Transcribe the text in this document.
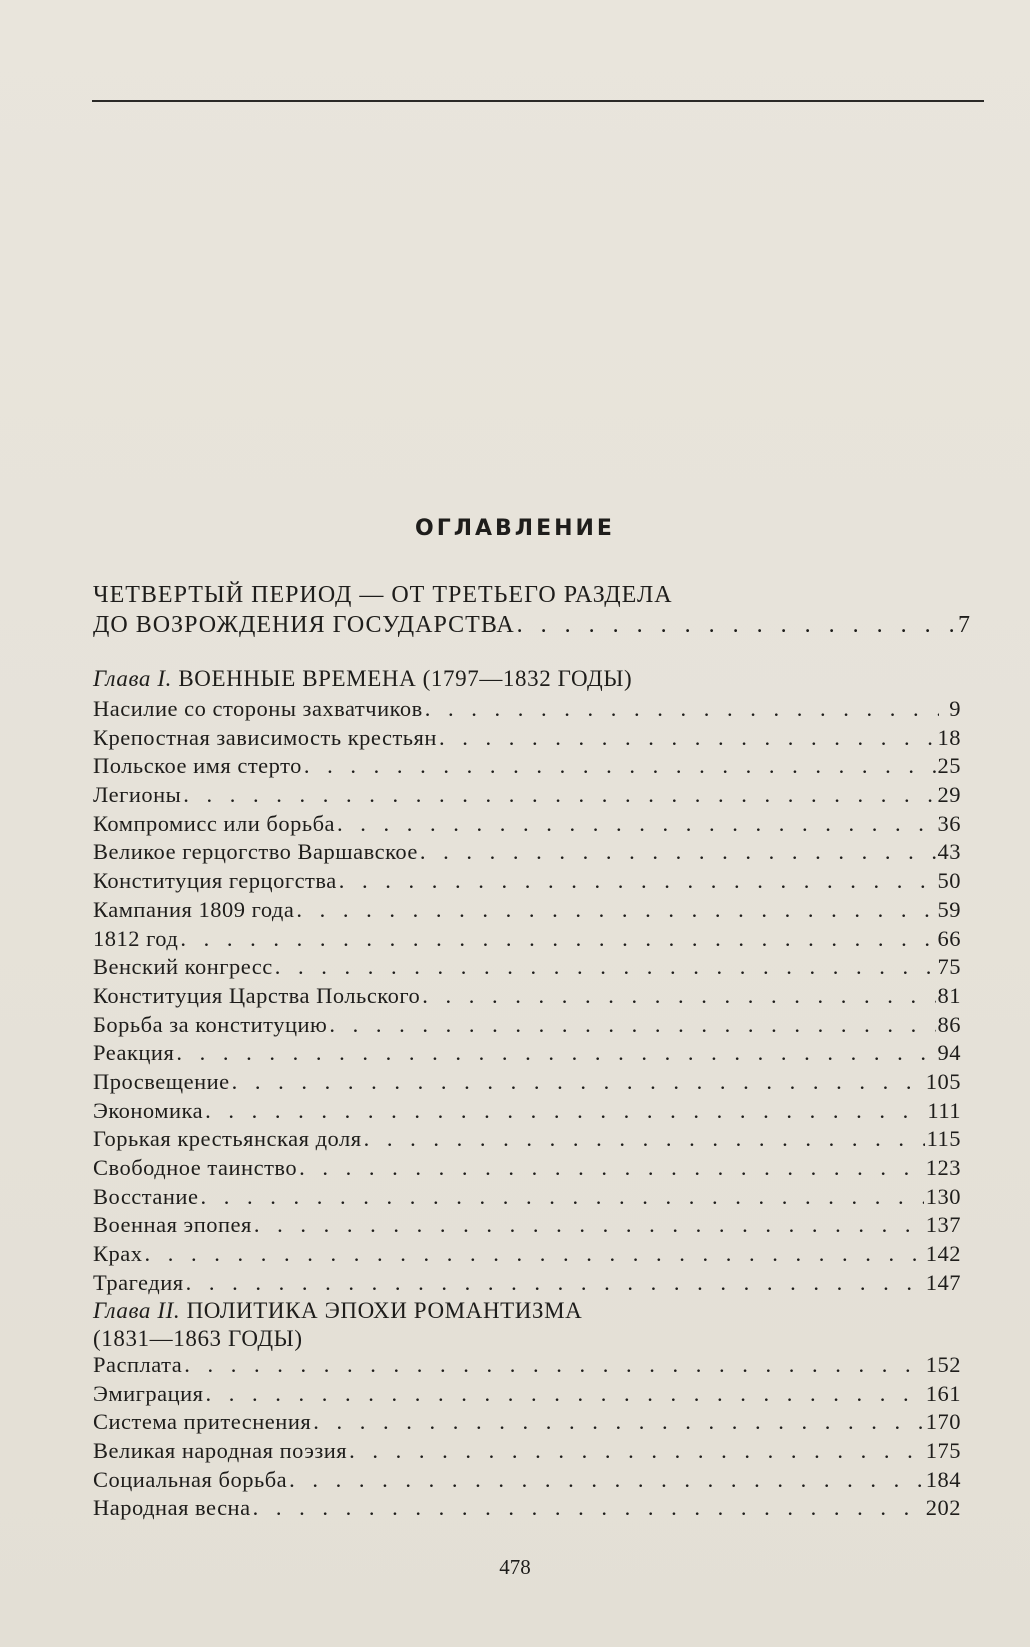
ОГЛАВЛЕНИЕ
ЧЕТВЕРТЫЙ ПЕРИОД — ОТ ТРЕТЬЕГО РАЗДЕЛА
ДО ВОЗРОЖДЕНИЯ ГОСУДАРСТВА . . .	7
Глава I. ВОЕННЫЕ ВРЕМЕНА (1797—1832 ГОДЫ)
Насилие со стороны захватчиков . . .	9
Крепостная зависимость крестьян . . .	18
Польское имя стерто . . .	25
Легионы . . .	29
Компромисс или борьба . . .	36
Великое герцогство Варшавское . . .	43
Конституция герцогства . . .	50
Кампания 1809 года . . .	59
1812 год . . .	66
Венский конгресс . . .	75
Конституция Царства Польского . . .	81
Борьба за конституцию . . .	86
Реакция . . .	94
Просвещение . . .	105
Экономика . . .	111
Горькая крестьянская доля . . .	115
Свободное таинство . . .	123
Восстание . . .	130
Военная эпопея . . .	137
Крах . . .	142
Трагедия . . .	147
Глава II. ПОЛИТИКА ЭПОХИ РОМАНТИЗМА
(1831—1863 ГОДЫ)
Расплата . . .	152
Эмиграция . . .	161
Система притеснения . . .	170
Великая народная поэзия . . .	175
Социальная борьба . . .	184
Народная весна . . .	202
478
